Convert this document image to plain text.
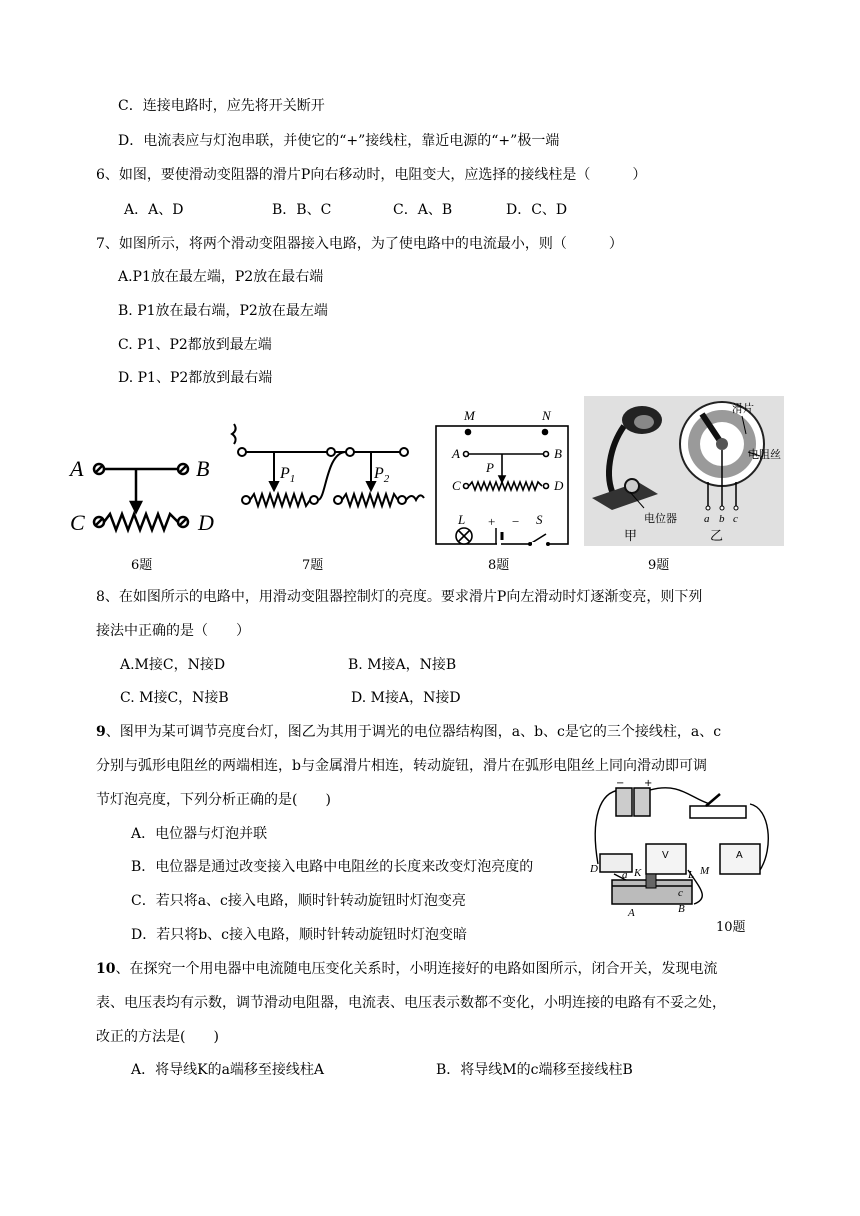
C．连接电路时，应先将开关断开
D．电流表应与灯泡串联，并使它的“+”接线柱，靠近电源的“+”极一端
6、如图，要使滑动变阻器的滑片P向右移动时，电阻变大，应选择的接线柱是（　　　）
A．A、D	B．B、C	C．A、B	D．C、D
7、如图所示，将两个滑动变阻器接入电路，为了使电路中的电流最小，则（　　　）
A.P1放在最左端，P2放在最右端
B. P1放在最右端，P2放在最左端
C. P1、P2都放到最左端
D. P1、P2都放到最右端
A	B
C	D
6题
$P_1$	$P_2$
7题
M	N
A	B
P
C	D
L	S
+ −
8题
滑片
电阻丝
电位器 a b c
甲	乙
9题
8、在如图所示的电路中，用滑动变阻器控制灯的亮度。要求滑片P向左滑动时灯逐渐变亮，则下列
接法中正确的是（　　）
A.M接C，N接D	B. M接A，N接B
C. M接C，N接B	D. M接A，N接D
9、图甲为某可调节亮度台灯，图乙为其用于调光的电位器结构图，a、b、c是它的三个接线柱，a、c
分别与弧形电阻丝的两端相连，b与金属滑片相连，转动旋钮，滑片在弧形电阻丝上同向滑动即可调
节灯泡亮度，下列分析正确的是(　　)
A．电位器与灯泡并联
B．电位器是通过改变接入电路中电阻丝的长度来改变灯泡亮度的
C．若只将a、c接入电路，顺时针转动旋钮时灯泡变亮
D．若只将b、c接入电路，顺时针转动旋钮时灯泡变暗
− +
V	A
D a K	L M
c
A	B
10题
10、在探究一个用电器中电流随电压变化关系时，小明连接好的电路如图所示，闭合开关，发现电流
表、电压表均有示数，调节滑动电阻器，电流表、电压表示数都不变化，小明连接的电路有不妥之处，
改正的方法是(　　)
A．将导线K的a端移至接线柱A	B．将导线M的c端移至接线柱B
